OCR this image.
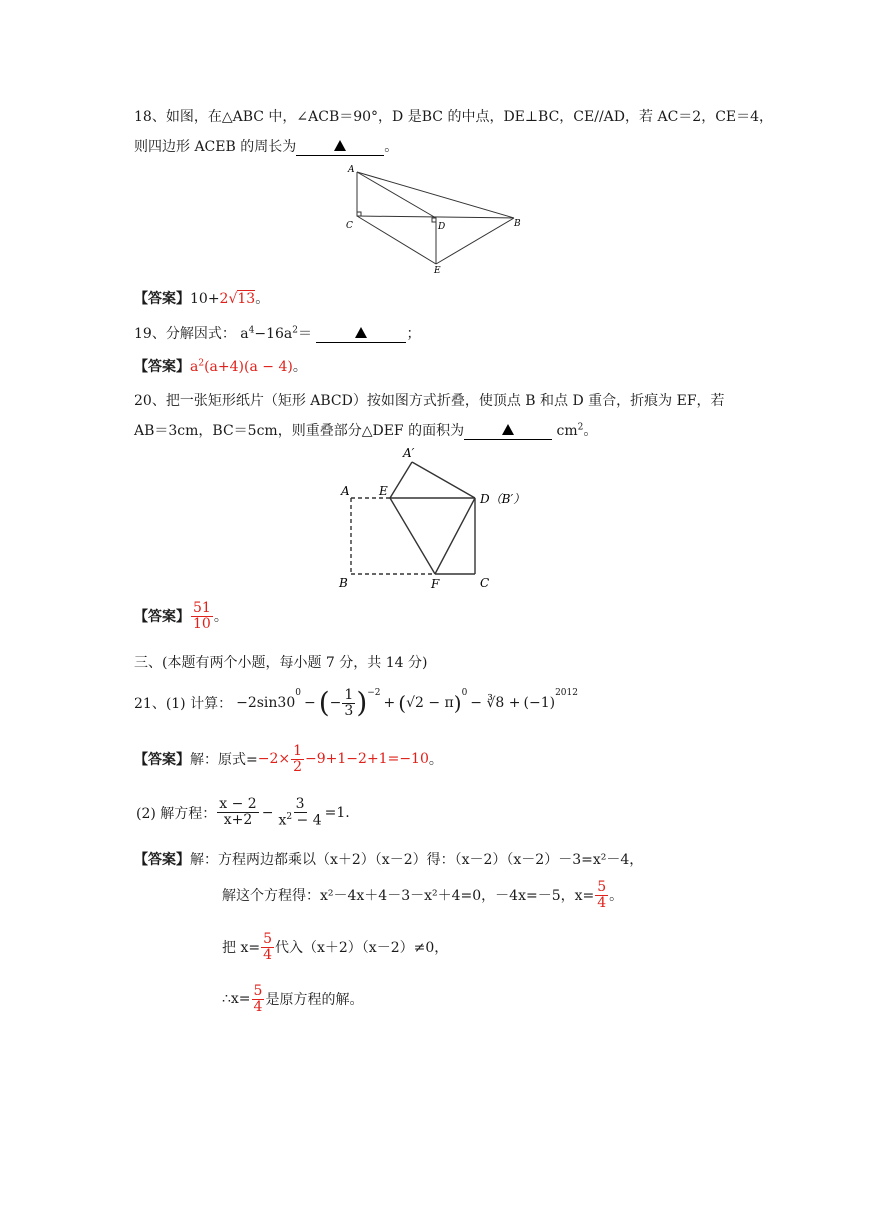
18、如图，在△ABC 中，∠ACB＝90°，D 是BC 的中点，DE⊥BC，CE//AD，若 AC＝2，CE＝4，
则四边形 ACEB 的周长为	。
A
C	D	B
E
【答案】10+2√13。
19、分解因式： $a^4-16a^2=$	；
【答案】$a^2(a+4)(a - 4)$。
20、把一张矩形纸片（矩形 ABCD）按如图方式折叠，使顶点 B 和点 D 重合，折痕为 EF，若
AB＝3cm，BC＝5cm，则重叠部分△DEF 的面积为	$cm^2$。
A′
A E
D（B′）
B	F	C
【答案】 $\frac{51}{10}$ 。
三、(本题有两个小题，每小题 7 分，共 14 分)
21、(1) 计算： −2sin30
$^0$
− ( − $\frac{1}{3} )^{-2}$
+ ( √2 − π )$^0$
− ∛8 + (−1)
$^{2012}$
【答案】 解：原式= $-2\times \frac{1}{2} -9+1-2+1=-10$ 。
(2) 解方程： $\frac{x - 2}{x+2} - \frac{3}{x^2 - 4} =1$.
【答案】解：方程两边都乘以（x＋2）（x－2）得：（x－2）（x－2）－3=x²－4，
解这个方程得：x²－4x＋4－3－x²＋4=0，－4x=－5，$x= \frac{5}{4}$ 。
把 $x= \frac{5}{4}$ 代入（x＋2）（x－2）≠0，
∴x= $\frac{5}{4}$ 是原方程的解。
